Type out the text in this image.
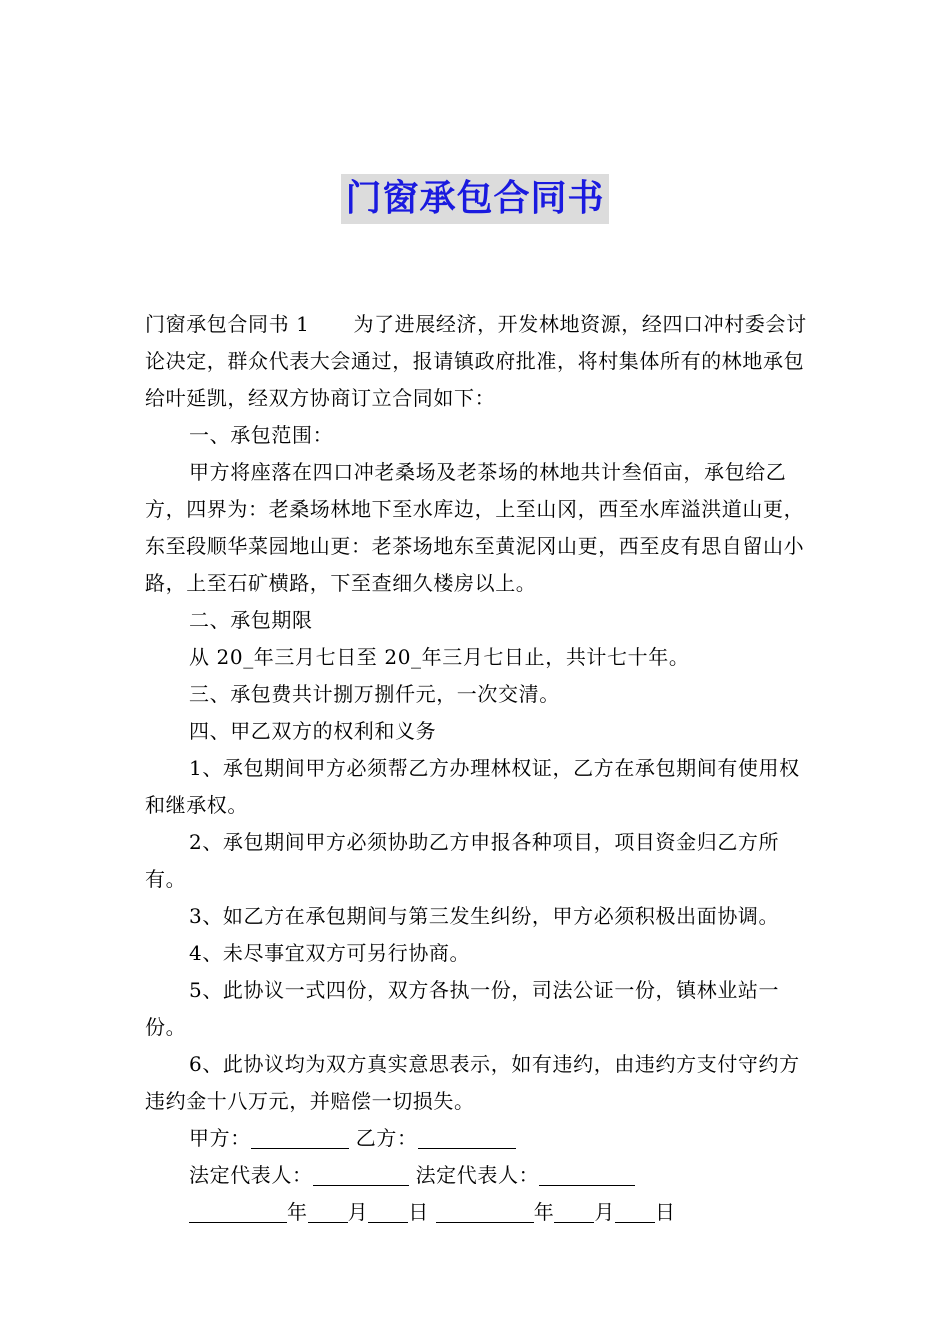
门窗承包合同书

门窗承包合同书 1 为了进展经济，开发林地资源，经四口冲村委会讨论决定，群众代表大会通过，报请镇政府批准，将村集体所有的林地承包给叶延凯，经双方协商订立合同如下：

一、承包范围：

甲方将座落在四口冲老桑场及老茶场的林地共计叁佰亩，承包给乙方，四界为：老桑场林地下至水库边，上至山冈，西至水库溢洪道山更，东至段顺华菜园地山更：老茶场地东至黄泥冈山更，西至皮有思自留山小路，上至石矿横路，下至查细久楼房以上。

二、承包期限

从 20_年三月七日至 20_年三月七日止，共计七十年。

三、承包费共计捌万捌仟元，一次交清。

四、甲乙双方的权利和义务

1、承包期间甲方必须帮乙方办理林权证，乙方在承包期间有使用权和继承权。

2、承包期间甲方必须协助乙方申报各种项目，项目资金归乙方所有。

3、如乙方在承包期间与第三发生纠纷，甲方必须积极出面协调。

4、未尽事宜双方可另行协商。

5、此协议一式四份，双方各执一份，司法公证一份，镇林业站一份。

6、此协议均为双方真实意思表示，如有违约，由违约方支付守约方违约金十八万元，并赔偿一切损失。

甲方：	乙方：
法定代表人：	法定代表人：
年 月 日	年 月 日
